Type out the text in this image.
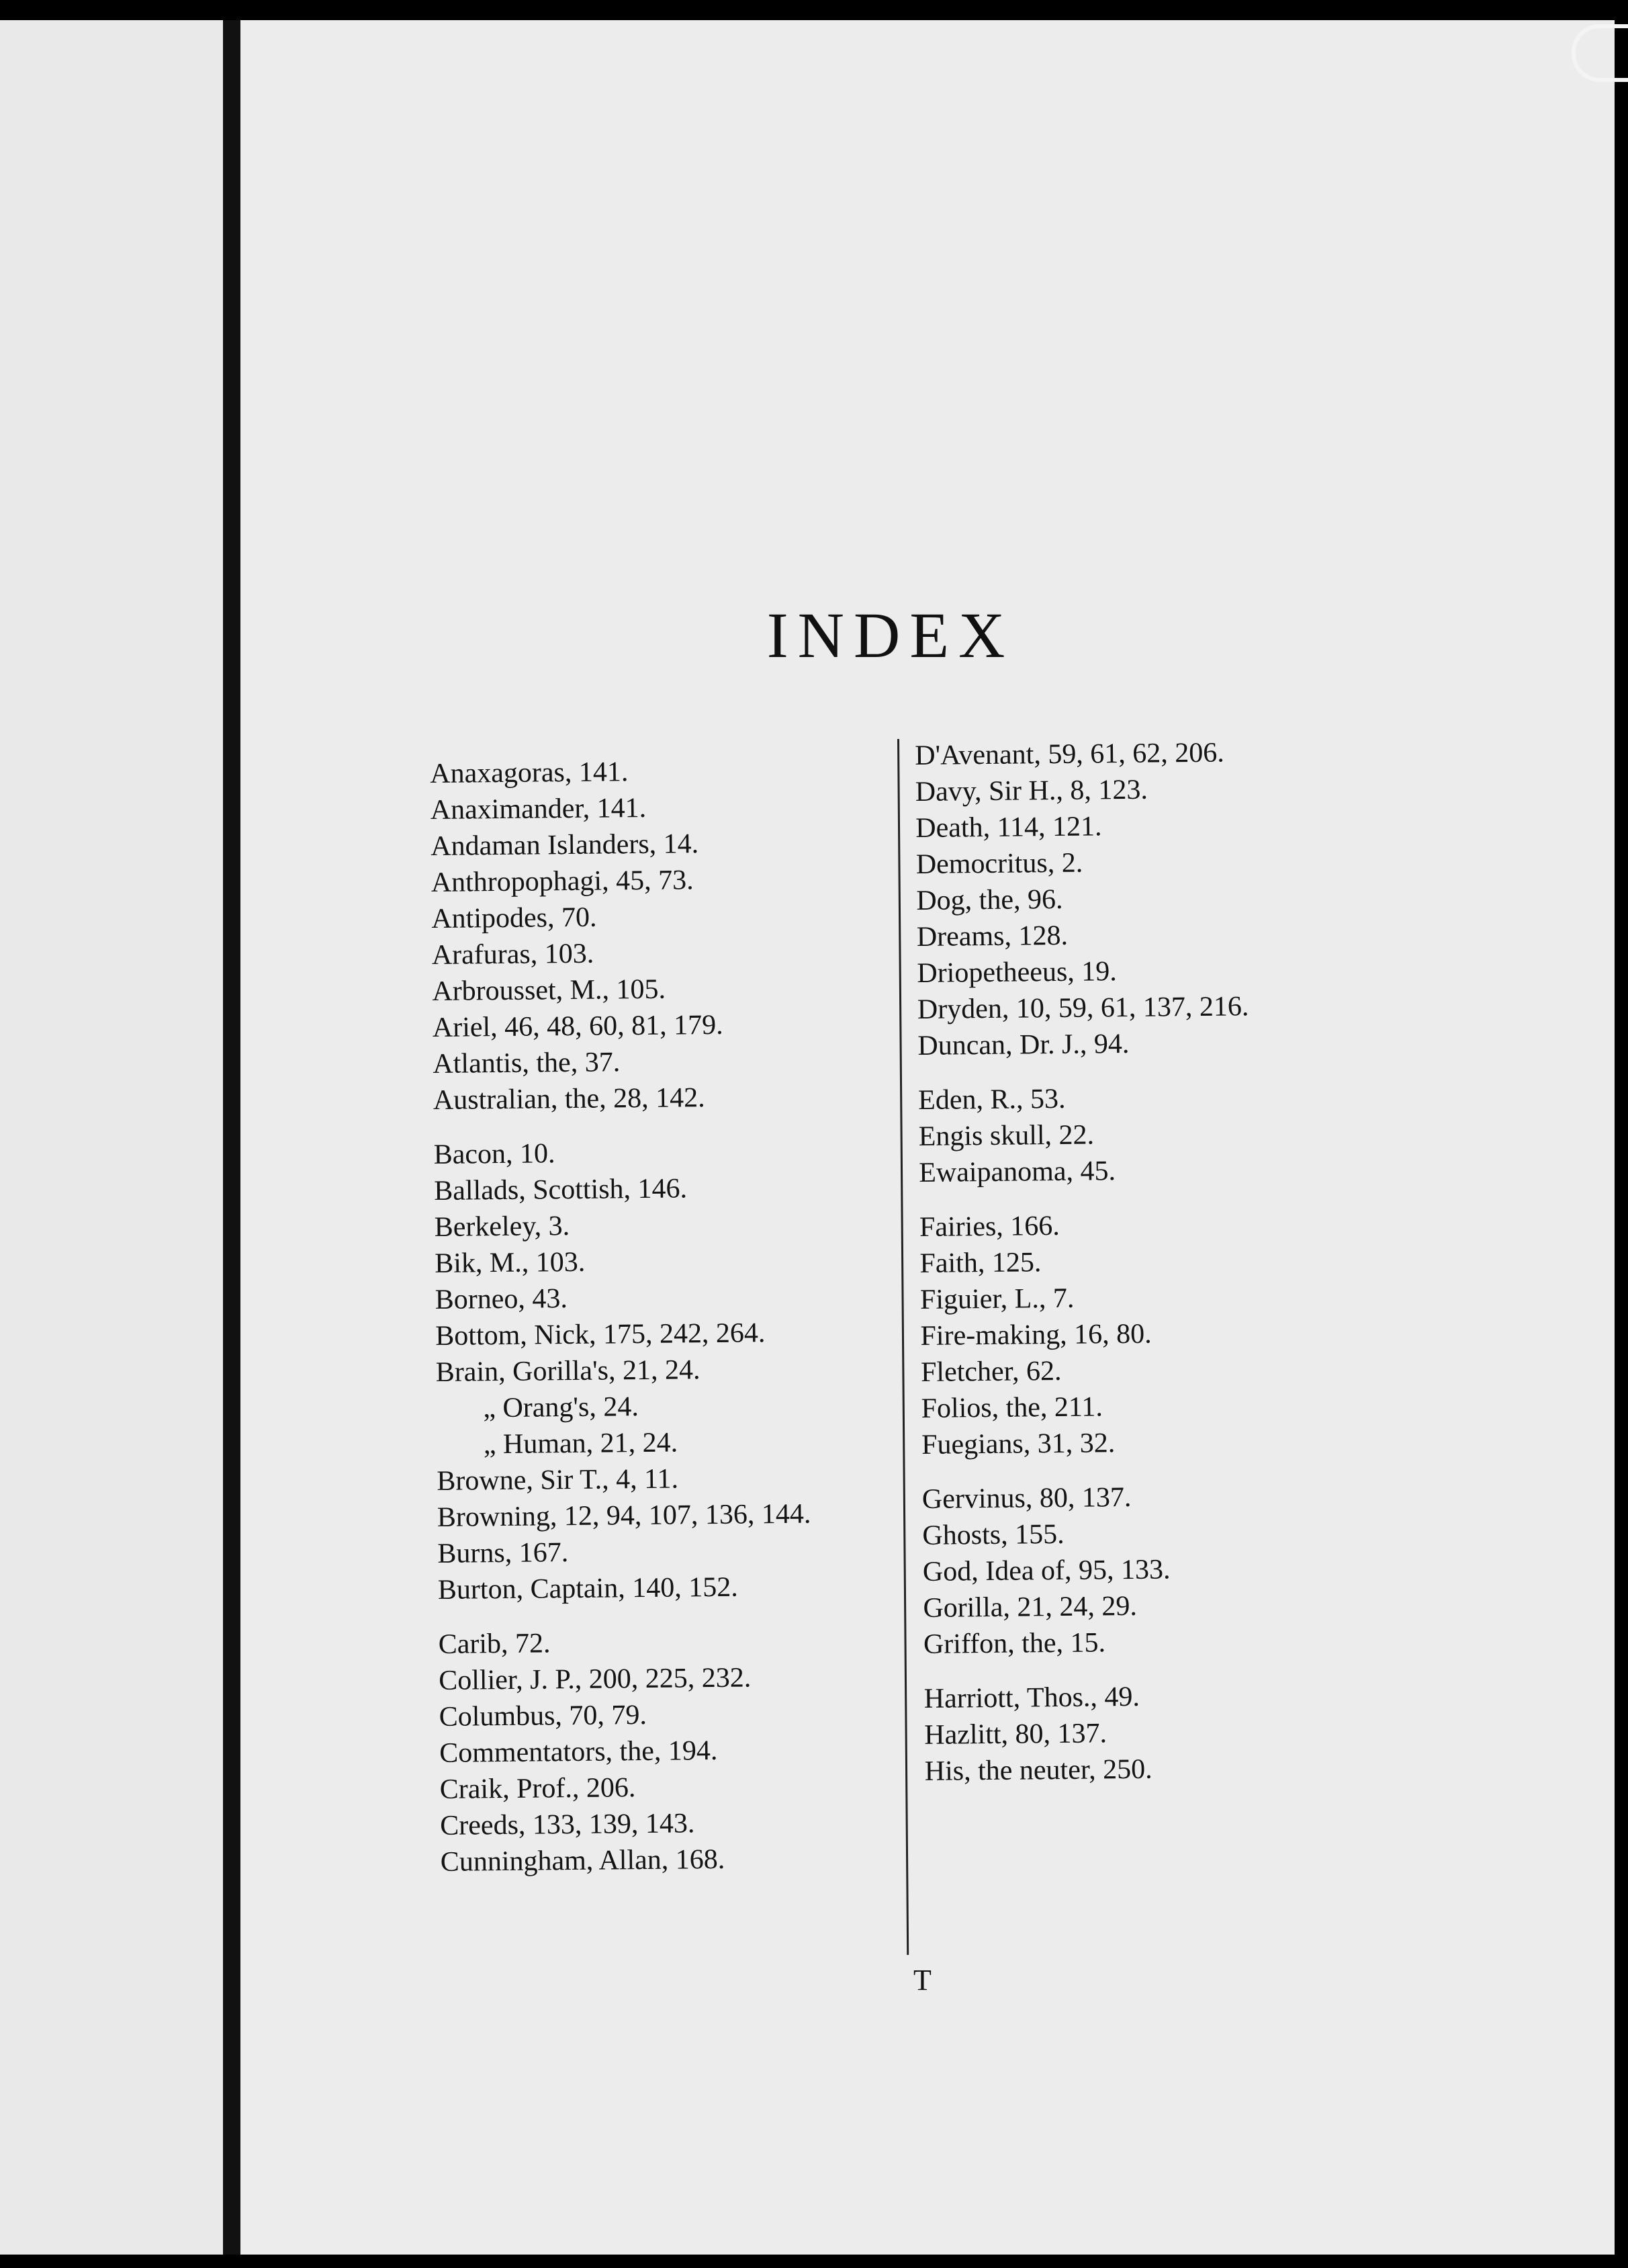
INDEX
Anaxagoras, 141.
Anaximander, 141.
Andaman Islanders, 14.
Anthropophagi, 45, 73.
Antipodes, 70.
Arafuras, 103.
Arbrousset, M., 105.
Ariel, 46, 48, 60, 81, 179.
Atlantis, the, 37.
Australian, the, 28, 142.
Bacon, 10.
Ballads, Scottish, 146.
Berkeley, 3.
Bik, M., 103.
Borneo, 43.
Bottom, Nick, 175, 242, 264.
Brain, Gorilla's, 21, 24.
„ Orang's, 24.
„ Human, 21, 24.
Browne, Sir T., 4, 11.
Browning, 12, 94, 107, 136, 144.
Burns, 167.
Burton, Captain, 140, 152.
Carib, 72.
Collier, J. P., 200, 225, 232.
Columbus, 70, 79.
Commentators, the, 194.
Craik, Prof., 206.
Creeds, 133, 139, 143.
Cunningham, Allan, 168.
D'Avenant, 59, 61, 62, 206.
Davy, Sir H., 8, 123.
Death, 114, 121.
Democritus, 2.
Dog, the, 96.
Dreams, 128.
Driopetheeus, 19.
Dryden, 10, 59, 61, 137, 216.
Duncan, Dr. J., 94.
Eden, R., 53.
Engis skull, 22.
Ewaipanoma, 45.
Fairies, 166.
Faith, 125.
Figuier, L., 7.
Fire-making, 16, 80.
Fletcher, 62.
Folios, the, 211.
Fuegians, 31, 32.
Gervinus, 80, 137.
Ghosts, 155.
God, Idea of, 95, 133.
Gorilla, 21, 24, 29.
Griffon, the, 15.
Harriott, Thos., 49.
Hazlitt, 80, 137.
His, the neuter, 250.
T
